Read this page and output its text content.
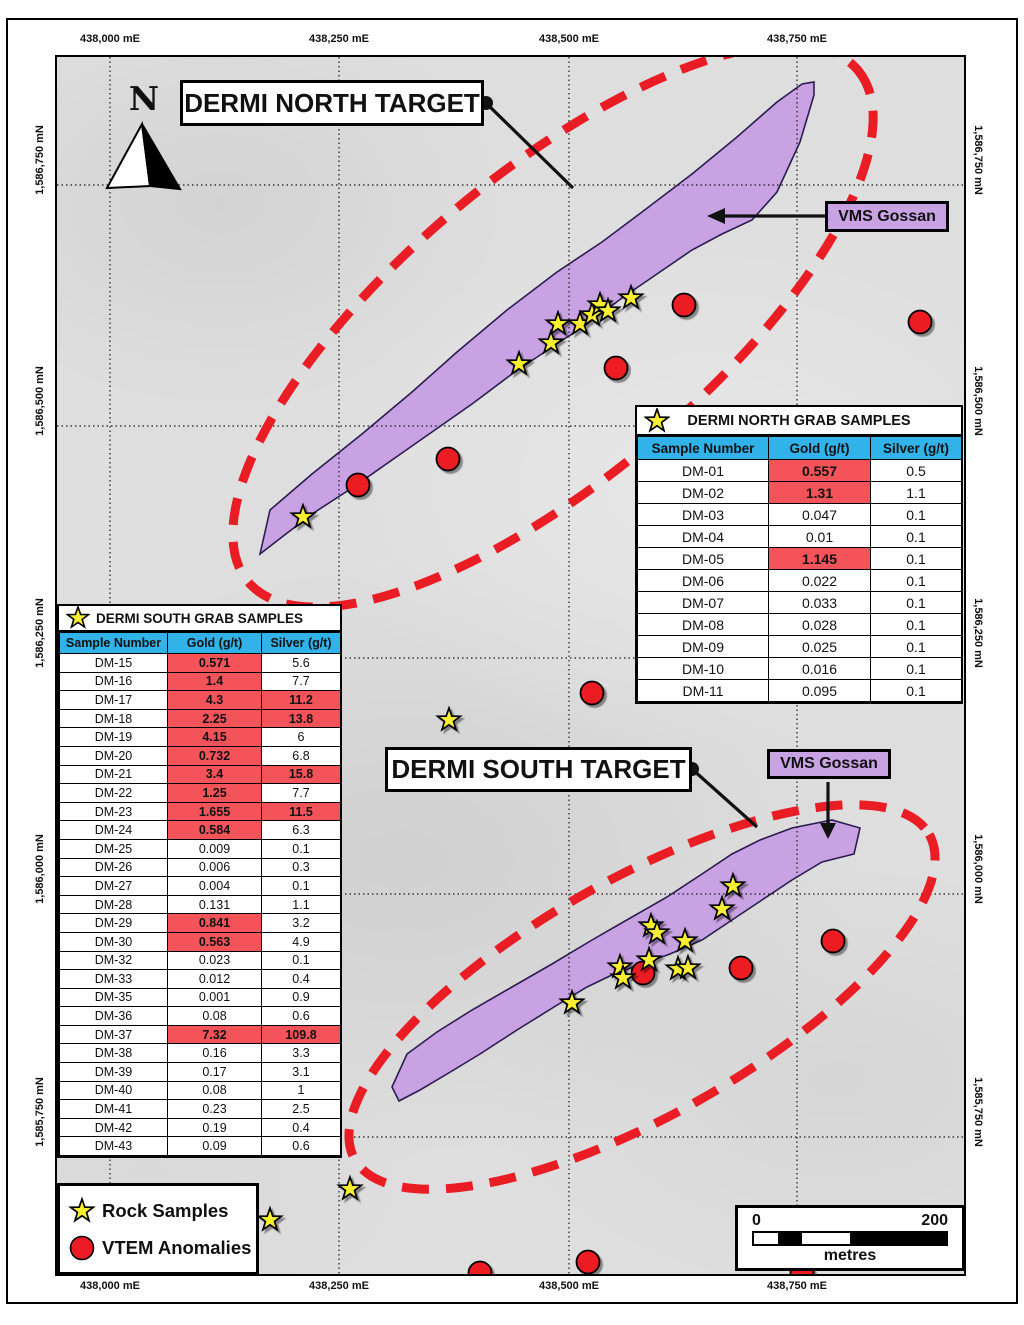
438,000 mE	438,250 mE	438,500 mE	438,750 mE
438,000 mE	438,250 mE	438,500 mE	438,750 mE
1,586,750 mN
1,586,500 mN
1,586,250 mN
1,586,000 mN
1,585,750 mN
1,586,750 mN
1,586,500 mN
1,586,250 mN
1,586,000 mN
1,585,750 mN
N DERMI NORTH TARGET
DERMI SOUTH TARGET
VMS Gossan
VMS Gossan
DERMI NORTH GRAB SAMPLES
Sample Number	Gold (g/t)	Silver (g/t)
DM-01	0.557	0.5
DM-02	1.31	1.1
DM-03	0.047	0.1
DM-04	0.01	0.1
DM-05	1.145	0.1
DM-06	0.022	0.1
DM-07	0.033	0.1
DM-08	0.028	0.1
DM-09	0.025	0.1
DM-10	0.016	0.1
DM-11	0.095	0.1
DERMI SOUTH GRAB SAMPLES
Sample Number	Gold (g/t)	Silver (g/t)
DM-15	0.571	5.6
DM-16	1.4	7.7
DM-17	4.3	11.2
DM-18	2.25	13.8
DM-19	4.15	6
DM-20	0.732	6.8
DM-21	3.4	15.8
DM-22	1.25	7.7
DM-23	1.655	11.5
DM-24	0.584	6.3
DM-25	0.009	0.1
DM-26	0.006	0.3
DM-27	0.004	0.1
DM-28	0.131	1.1
DM-29	0.841	3.2
DM-30	0.563	4.9
DM-32	0.023	0.1
DM-33	0.012	0.4
DM-35	0.001	0.9
DM-36	0.08	0.6
DM-37	7.32	109.8
DM-38	0.16	3.3
DM-39	0.17	3.1
DM-40	0.08	1
DM-41	0.23	2.5
DM-42	0.19	0.4
DM-43	0.09	0.6
Rock Samples
VTEM Anomalies
0	200
metres
